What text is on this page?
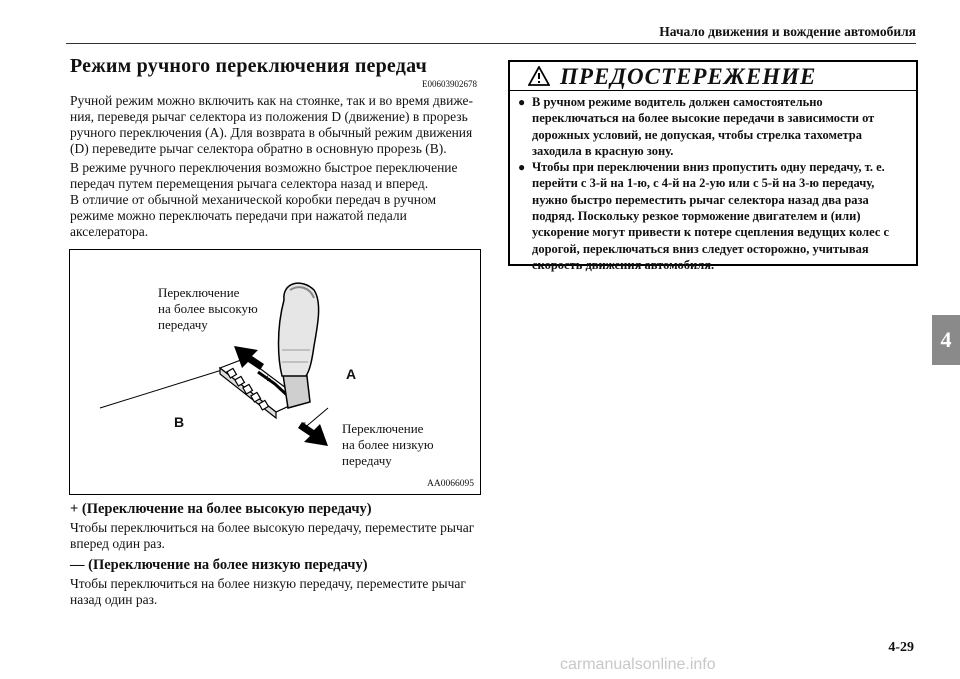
Начало движения и вождение автомобиля
Режим ручного переключения передач
E00603902678
Ручной режим можно включить как на стоянке, так и во время движе-ния, переведя рычаг селектора из положения D (движение) в прорезь ручного переключения (A). Для возврата в обычный режим движения (D) переведите рычаг селектора обратно в основную прорезь (B).
В режиме ручного переключения возможно быстрое переключение передач путем перемещения рычага селектора назад и вперед.
В отличие от обычной механической коробки передач в ручном режиме можно переключать передачи при нажатой педали акселератора.
Переключение
на более высокую
передачу
Переключение
на более низкую
передачу
A
B
+
-
AA0066095
+ (Переключение на более высокую передачу)
Чтобы переключиться на более высокую передачу, переместите рычаг вперед один раз.
— (Переключение на более низкую передачу)
Чтобы переключиться на более низкую передачу, переместите рычаг назад один раз.
ПРЕДОСТЕРЕЖЕНИЕ
● В ручном режиме водитель должен самостоятельно переключаться на более высокие передачи в зависимости от дорожных условий, не допуская, чтобы стрелка тахометра заходила в красную зону.
● Чтобы при переключении вниз пропустить одну передачу, т. е. перейти с 3-й на 1-ю, с 4-й на 2-ую или с 5-й на 3-ю передачу, нужно быстро переместить рычаг селектора назад два раза подряд. Поскольку резкое торможение двигателем и (или) ускорение могут привести к потере сцепления ведущих колес с дорогой, переключаться вниз следует осторожно, учитывая скорость движения автомобиля.
4
4-29
carmanualsonline.info
